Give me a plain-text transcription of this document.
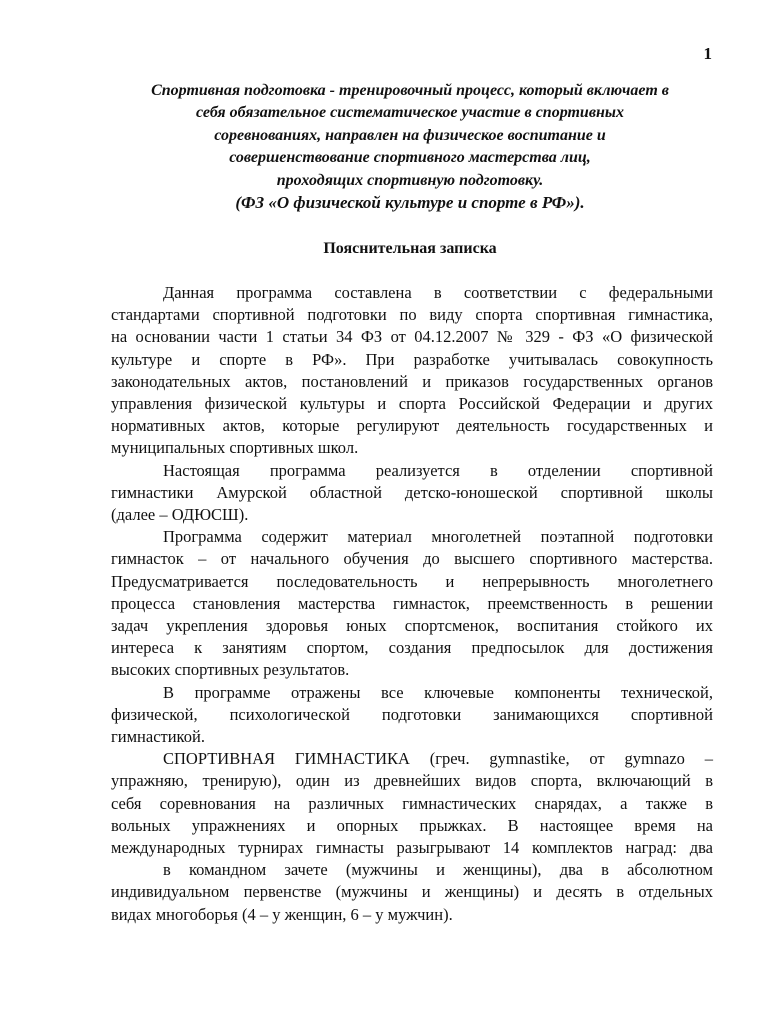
1
Спортивная подготовка - тренировочный процесс, который включает в
себя обязательное систематическое участие в спортивных
соревнованиях, направлен на физическое воспитание и
совершенствование спортивного мастерства лиц,
проходящих спортивную подготовку.
(ФЗ «О физической культуре и спорте в РФ»).
Пояснительная записка

Данная программа составлена в соответствии с федеральными

стандартами спортивной подготовки по виду спорта спортивная гимнастика,

на основании части 1 статьи 34 ФЗ от 04.12.2007 № 329 - ФЗ «О физической

культуре и спорте в РФ». При разработке учитывалась совокупность

законодательных актов, постановлений и приказов государственных органов

управления физической культуры и спорта Российской Федерации и других

нормативных актов, которые регулируют деятельность государственных и

муниципальных спортивных школ.

Настоящая программа реализуется в отделении спортивной

гимнастики Амурской областной детско-юношеской спортивной школы

(далее – ОДЮСШ).

Программа содержит материал многолетней поэтапной подготовки

гимнасток – от начального обучения до высшего спортивного мастерства.

Предусматривается последовательность и непрерывность многолетнего

процесса становления мастерства гимнасток, преемственность в решении

задач укрепления здоровья юных спортсменок, воспитания стойкого их

интереса к занятиям спортом, создания предпосылок для достижения

высоких спортивных результатов.

В программе отражены все ключевые компоненты технической,

физической, психологической подготовки занимающихся спортивной

гимнастикой.

СПОРТИВНАЯ ГИМНАСТИКА (греч. gymnastike, от gymnazo –

упражняю, тренирую), один из древнейших видов спорта, включающий в

себя соревнования на различных гимнастических снарядах, а также в

вольных упражнениях и опорных прыжках. В настоящее время на

международных турнирах гимнасты разыгрывают 14 комплектов наград: два

в командном зачете (мужчины и женщины), два в абсолютном

индивидуальном первенстве (мужчины и женщины) и десять в отдельных

видах многоборья (4 – у женщин, 6 – у мужчин).
